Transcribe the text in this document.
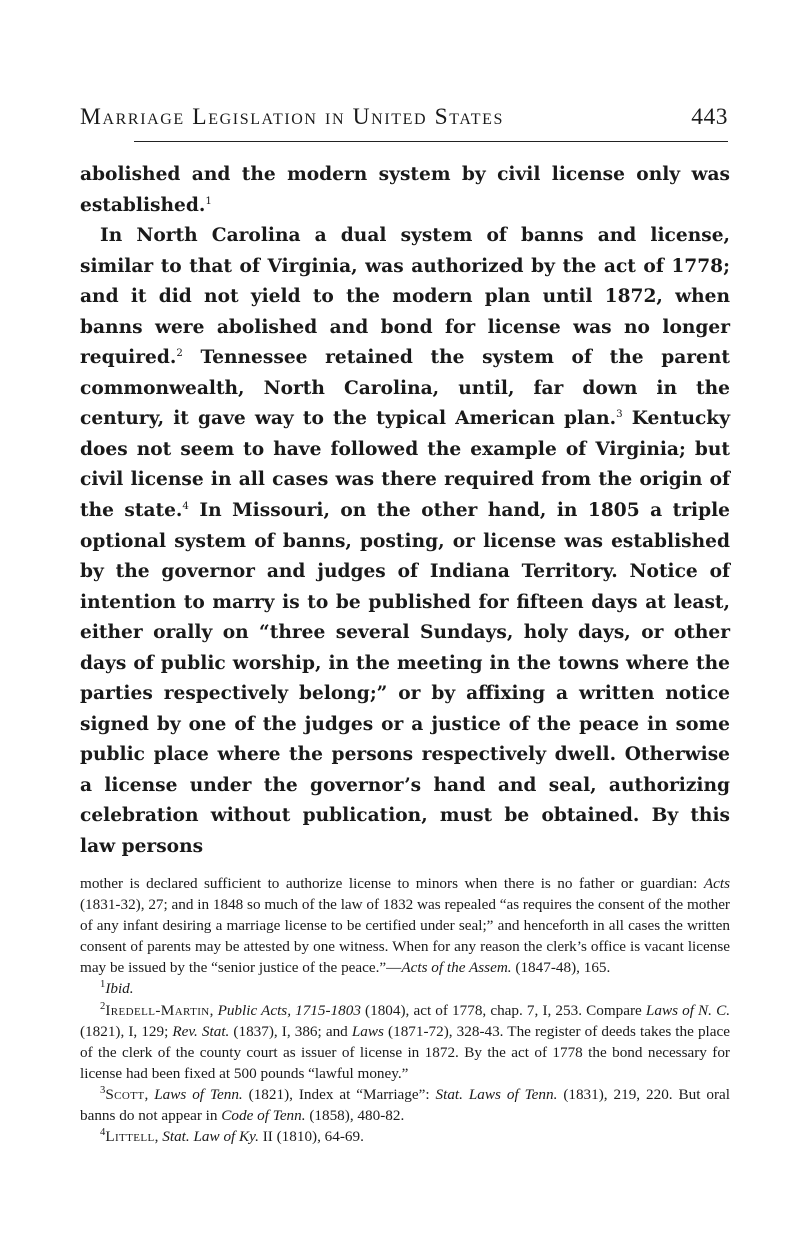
Marriage Legislation in United States	443

abolished and the modern system by civil license only was established.$^1$

In North Carolina a dual system of banns and license, similar to that of Virginia, was authorized by the act of 1778; and it did not yield to the modern plan until 1872, when banns were abolished and bond for license was no longer required.$^2$ Tennessee retained the system of the parent commonwealth, North Carolina, until, far down in the century, it gave way to the typical American plan.$^3$ Kentucky does not seem to have followed the example of Virginia; but civil license in all cases was there required from the origin of the state.$^4$ In Missouri, on the other hand, in 1805 a triple optional system of banns, posting, or license was established by the governor and judges of Indiana Territory. Notice of intention to marry is to be published for fifteen days at least, either orally on “three several Sundays, holy days, or other days of public worship, in the meeting in the towns where the parties respectively belong;” or by affixing a written notice signed by one of the judges or a justice of the peace in some public place where the persons respectively dwell. Otherwise a license under the governor’s hand and seal, authorizing celebration without publication, must be obtained. By this law persons

mother is declared sufficient to authorize license to minors when there is no father or guardian: Acts (1831-32), 27; and in 1848 so much of the law of 1832 was repealed “as requires the consent of the mother of any infant desiring a marriage license to be certified under seal;” and henceforth in all cases the written consent of parents may be attested by one witness. When for any reason the clerk’s office is vacant license may be issued by the “senior justice of the peace.”—Acts of the Assem. (1847-48), 165.

$^1$Ibid.

$^2$Iredell-Martin, Public Acts, 1715-1803 (1804), act of 1778, chap. 7, I, 253. Compare Laws of N. C. (1821), I, 129; Rev. Stat. (1837), I, 386; and Laws (1871-72), 328-43. The register of deeds takes the place of the clerk of the county court as issuer of license in 1872. By the act of 1778 the bond necessary for license had been fixed at 500 pounds “lawful money.”

$^3$Scott, Laws of Tenn. (1821), Index at “Marriage”: Stat. Laws of Tenn. (1831), 219, 220. But oral banns do not appear in Code of Tenn. (1858), 480-82.

$^4$Littell, Stat. Law of Ky. II (1810), 64-69.
